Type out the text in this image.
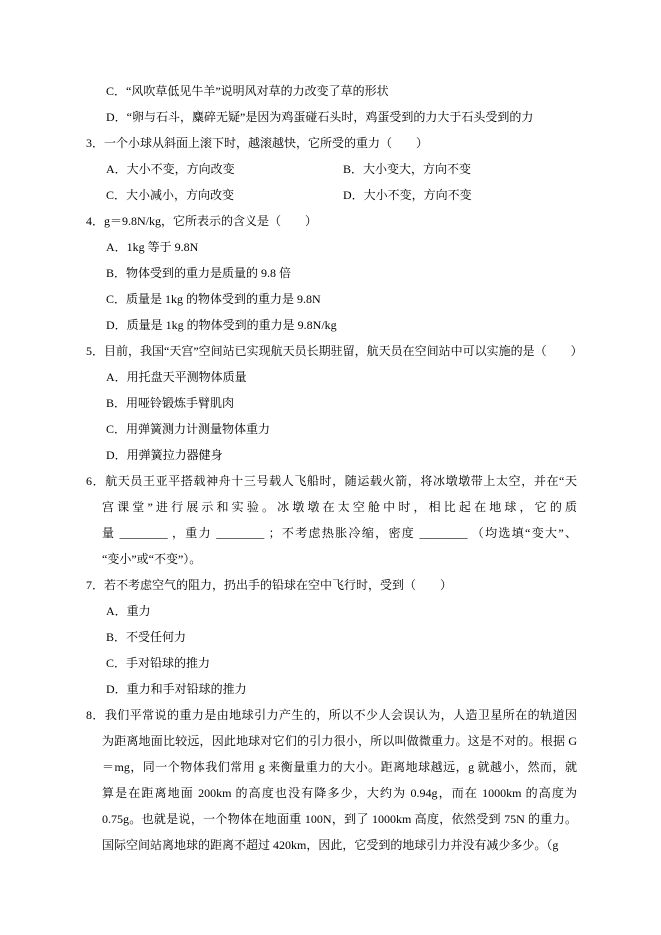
C．“风吹草低见牛羊”说明风对草的力改变了草的形状
D．“卵与石斗，麋碎无疑”是因为鸡蛋碰石头时，鸡蛋受到的力大于石头受到的力
3．一个小球从斜面上滚下时，越滚越快，它所受的重力（　　）
A．大小不变，方向改变	B．大小变大，方向不变
C．大小减小，方向改变	D．大小不变，方向不变
4．g＝9.8N/kg，它所表示的含义是（　　）
A．1kg 等于 9.8N
B．物体受到的重力是质量的 9.8 倍
C．质量是 1kg 的物体受到的重力是 9.8N
D．质量是 1kg 的物体受到的重力是 9.8N/kg
5．目前，我国“天宫”空间站已实现航天员长期驻留，航天员在空间站中可以实施的是（　　）
A．用托盘天平测物体质量
B．用哑铃锻炼手臂肌肉
C．用弹簧测力计测量物体重力
D．用弹簧拉力器健身
6．航天员王亚平搭载神舟十三号载人飞船时，随运载火箭，将冰墩墩带上太空，并在“天
宫课堂”进行展示和实验。冰墩墩在太空舱中时，相比起在地球，它的质
量 ________ ，重力 ________ ；不考虑热胀冷缩，密度 ________ （均选填“变大”、
“变小”或“不变”）。
7．若不考虑空气的阻力，扔出手的铅球在空中飞行时，受到（　　）
A．重力
B．不受任何力
C．手对铅球的推力
D．重力和手对铅球的推力
8．我们平常说的重力是由地球引力产生的，所以不少人会误认为，人造卫星所在的轨道因
为距离地面比较远，因此地球对它们的引力很小，所以叫做微重力。这是不对的。根据 G
＝mg，同一个物体我们常用 g 来衡量重力的大小。距离地球越远，g 就越小，然而，就
算是在距离地面 200km 的高度也没有降多少，大约为 0.94g，而在 1000km 的高度为
0.75g。也就是说，一个物体在地面重 100N，到了 1000km 高度，依然受到 75N 的重力。
国际空间站离地球的距离不超过 420km，因此，它受到的地球引力并没有减少多少。（g
